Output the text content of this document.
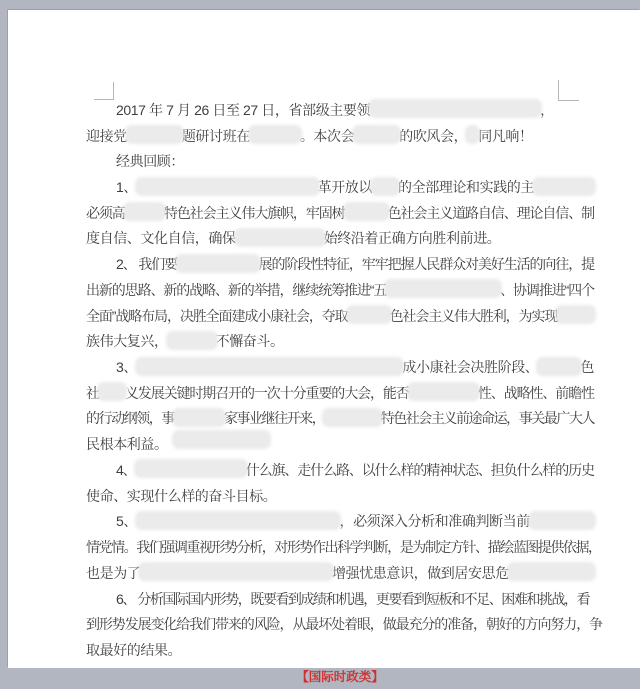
2017 年 7 月 26 日至 27 日，省部级主要领	，
迎接党	题研讨班在	。本次会	的吹风会， 同凡响！
经典回顾：
1、	革开放以 的全部理论和实践的主
必须高	特色社会主义伟大旗帜，牢固树	色社会主义道路自信、理论自信、制
度自信、文化自信，确保	始终沿着正确方向胜利前进。
2、 我们要	展的阶段性特征，牢牢把握人民群众对美好生活的向往，提
出新的思路、新的战略、新的举措，继续统筹推进“五	、协调推进“四个
全面”战略布局，决胜全面建成小康社会，夺取	色社会主义伟大胜利，为实现
族伟大复兴，	不懈奋斗。
3、	成小康社会决胜阶段、	色
社 义发展关键时期召开的一次十分重要的大会，能否	性、战略性、前瞻性
的行动纲领，事	家事业继往开来，	特色社会主义前途命运，事关最广大人
民根本利益。
4、	什么旗、走什么路、以什么样的精神状态、担负什么样的历史
使命、实现什么样的奋斗目标。
5、	，必须深入分析和准确判断当前
情党情。我们强调重视形势分析，对形势作出科学判断，是为制定方针、描绘蓝图提供依据，
也是为了	增强忧患意识，做到居安思危
6、 分析国际国内形势，既要看到成绩和机遇，更要看到短板和不足、困难和挑战，看
到形势发展变化给我们带来的风险，从最坏处着眼，做最充分的准备，朝好的方向努力，争
取最好的结果。
【国际时政类】
